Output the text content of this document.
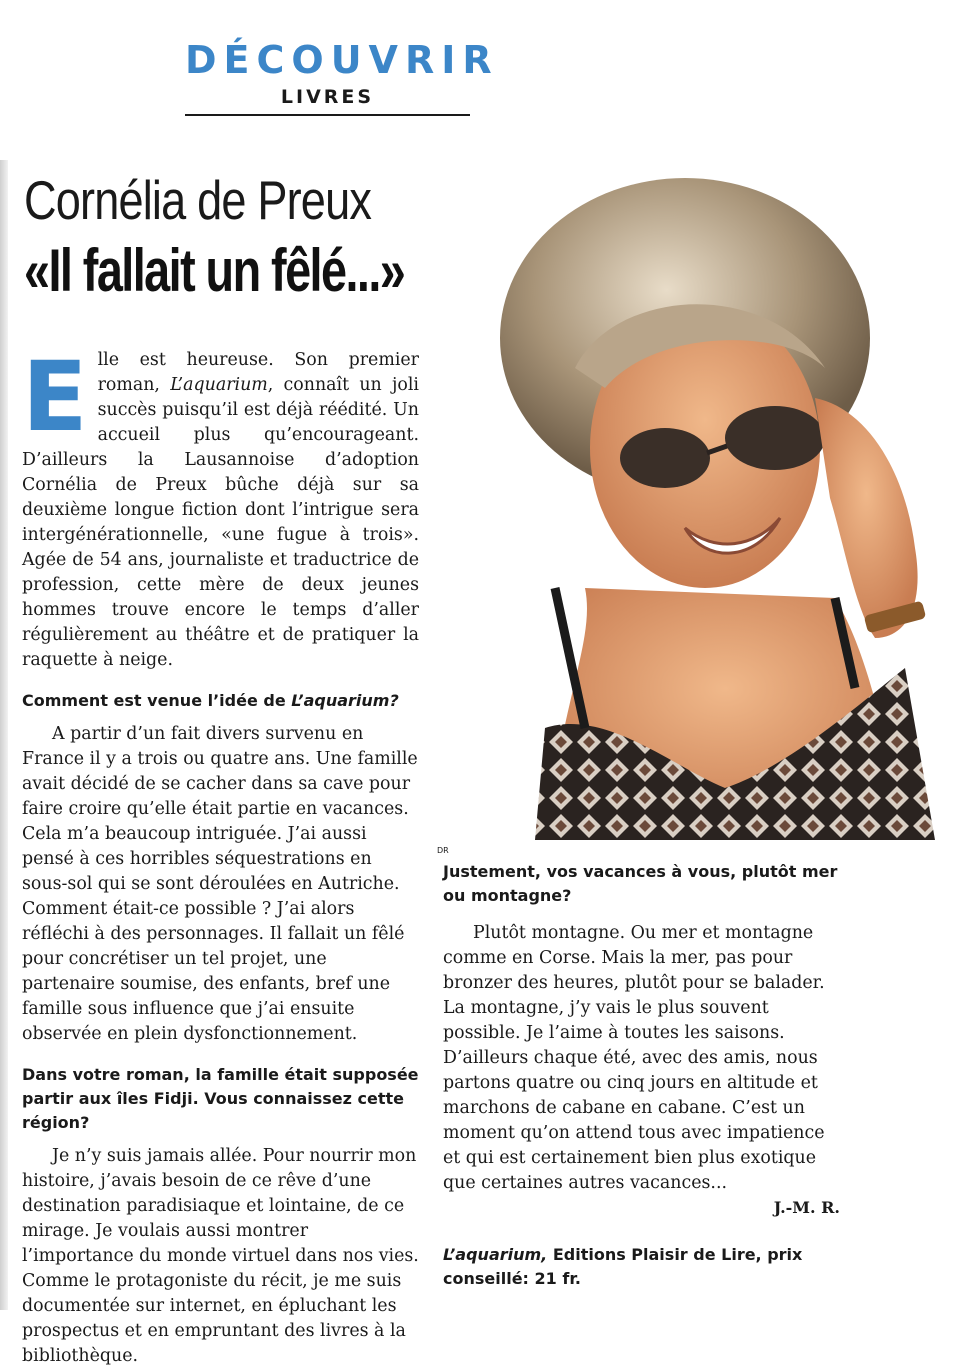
DÉCOUVRIR
LIVRES
Cornélia de Preux
«Il fallait un fêlé...»

Elle est heureuse. Son premier roman, L’aquarium, connaît un joli succès puisqu’il est déjà réédité. Un accueil plus qu’encourageant. D’ailleurs la Lausannoise d’adoption Cornélia de Preux bûche déjà sur sa deuxième longue fiction dont l’intrigue sera intergénérationnelle, «une fugue à trois». Agée de 54 ans, journaliste et traductrice de profession, cette mère de deux jeunes hommes trouve encore le temps d’aller régulièrement au théâtre et de pratiquer la raquette à neige.

Comment est venue l’idée de L’aquarium?

A partir d’un fait divers survenu en France il y a trois ou quatre ans. Une famille avait décidé de se cacher dans sa cave pour faire croire qu’elle était partie en vacances. Cela m’a beaucoup intriguée. J’ai aussi pensé à ces horribles séquestrations en sous-sol qui se sont déroulées en Autriche. Comment était-ce possible ? J’ai alors réfléchi à des personnages. Il fallait un fêlé pour concrétiser un tel projet, une partenaire soumise, des enfants, bref une famille sous influence que j’ai ensuite observée en plein dysfonctionnement.

Dans votre roman, la famille était supposée partir aux îles Fidji. Vous connaissez cette région?

Je n’y suis jamais allée. Pour nourrir mon histoire, j’avais besoin de ce rêve d’une destination paradisiaque et lointaine, de ce mirage. Je voulais aussi montrer l’importance du monde virtuel dans nos vies. Comme le protagoniste du récit, je me suis documentée sur internet, en épluchant les prospectus et en empruntant des livres à la bibliothèque.

DR

Justement, vos vacances à vous, plutôt mer ou montagne?

Plutôt montagne. Ou mer et montagne comme en Corse. Mais la mer, pas pour bronzer des heures, plutôt pour se balader. La montagne, j’y vais le plus souvent possible. Je l’aime à toutes les saisons. D’ailleurs chaque été, avec des amis, nous partons quatre ou cinq jours en altitude et marchons de cabane en cabane. C’est un moment qu’on attend tous avec impatience et qui est certainement bien plus exotique que certaines autres vacances...

J.-M. R.

L’aquarium, Editions Plaisir de Lire, prix conseillé: 21 fr.
